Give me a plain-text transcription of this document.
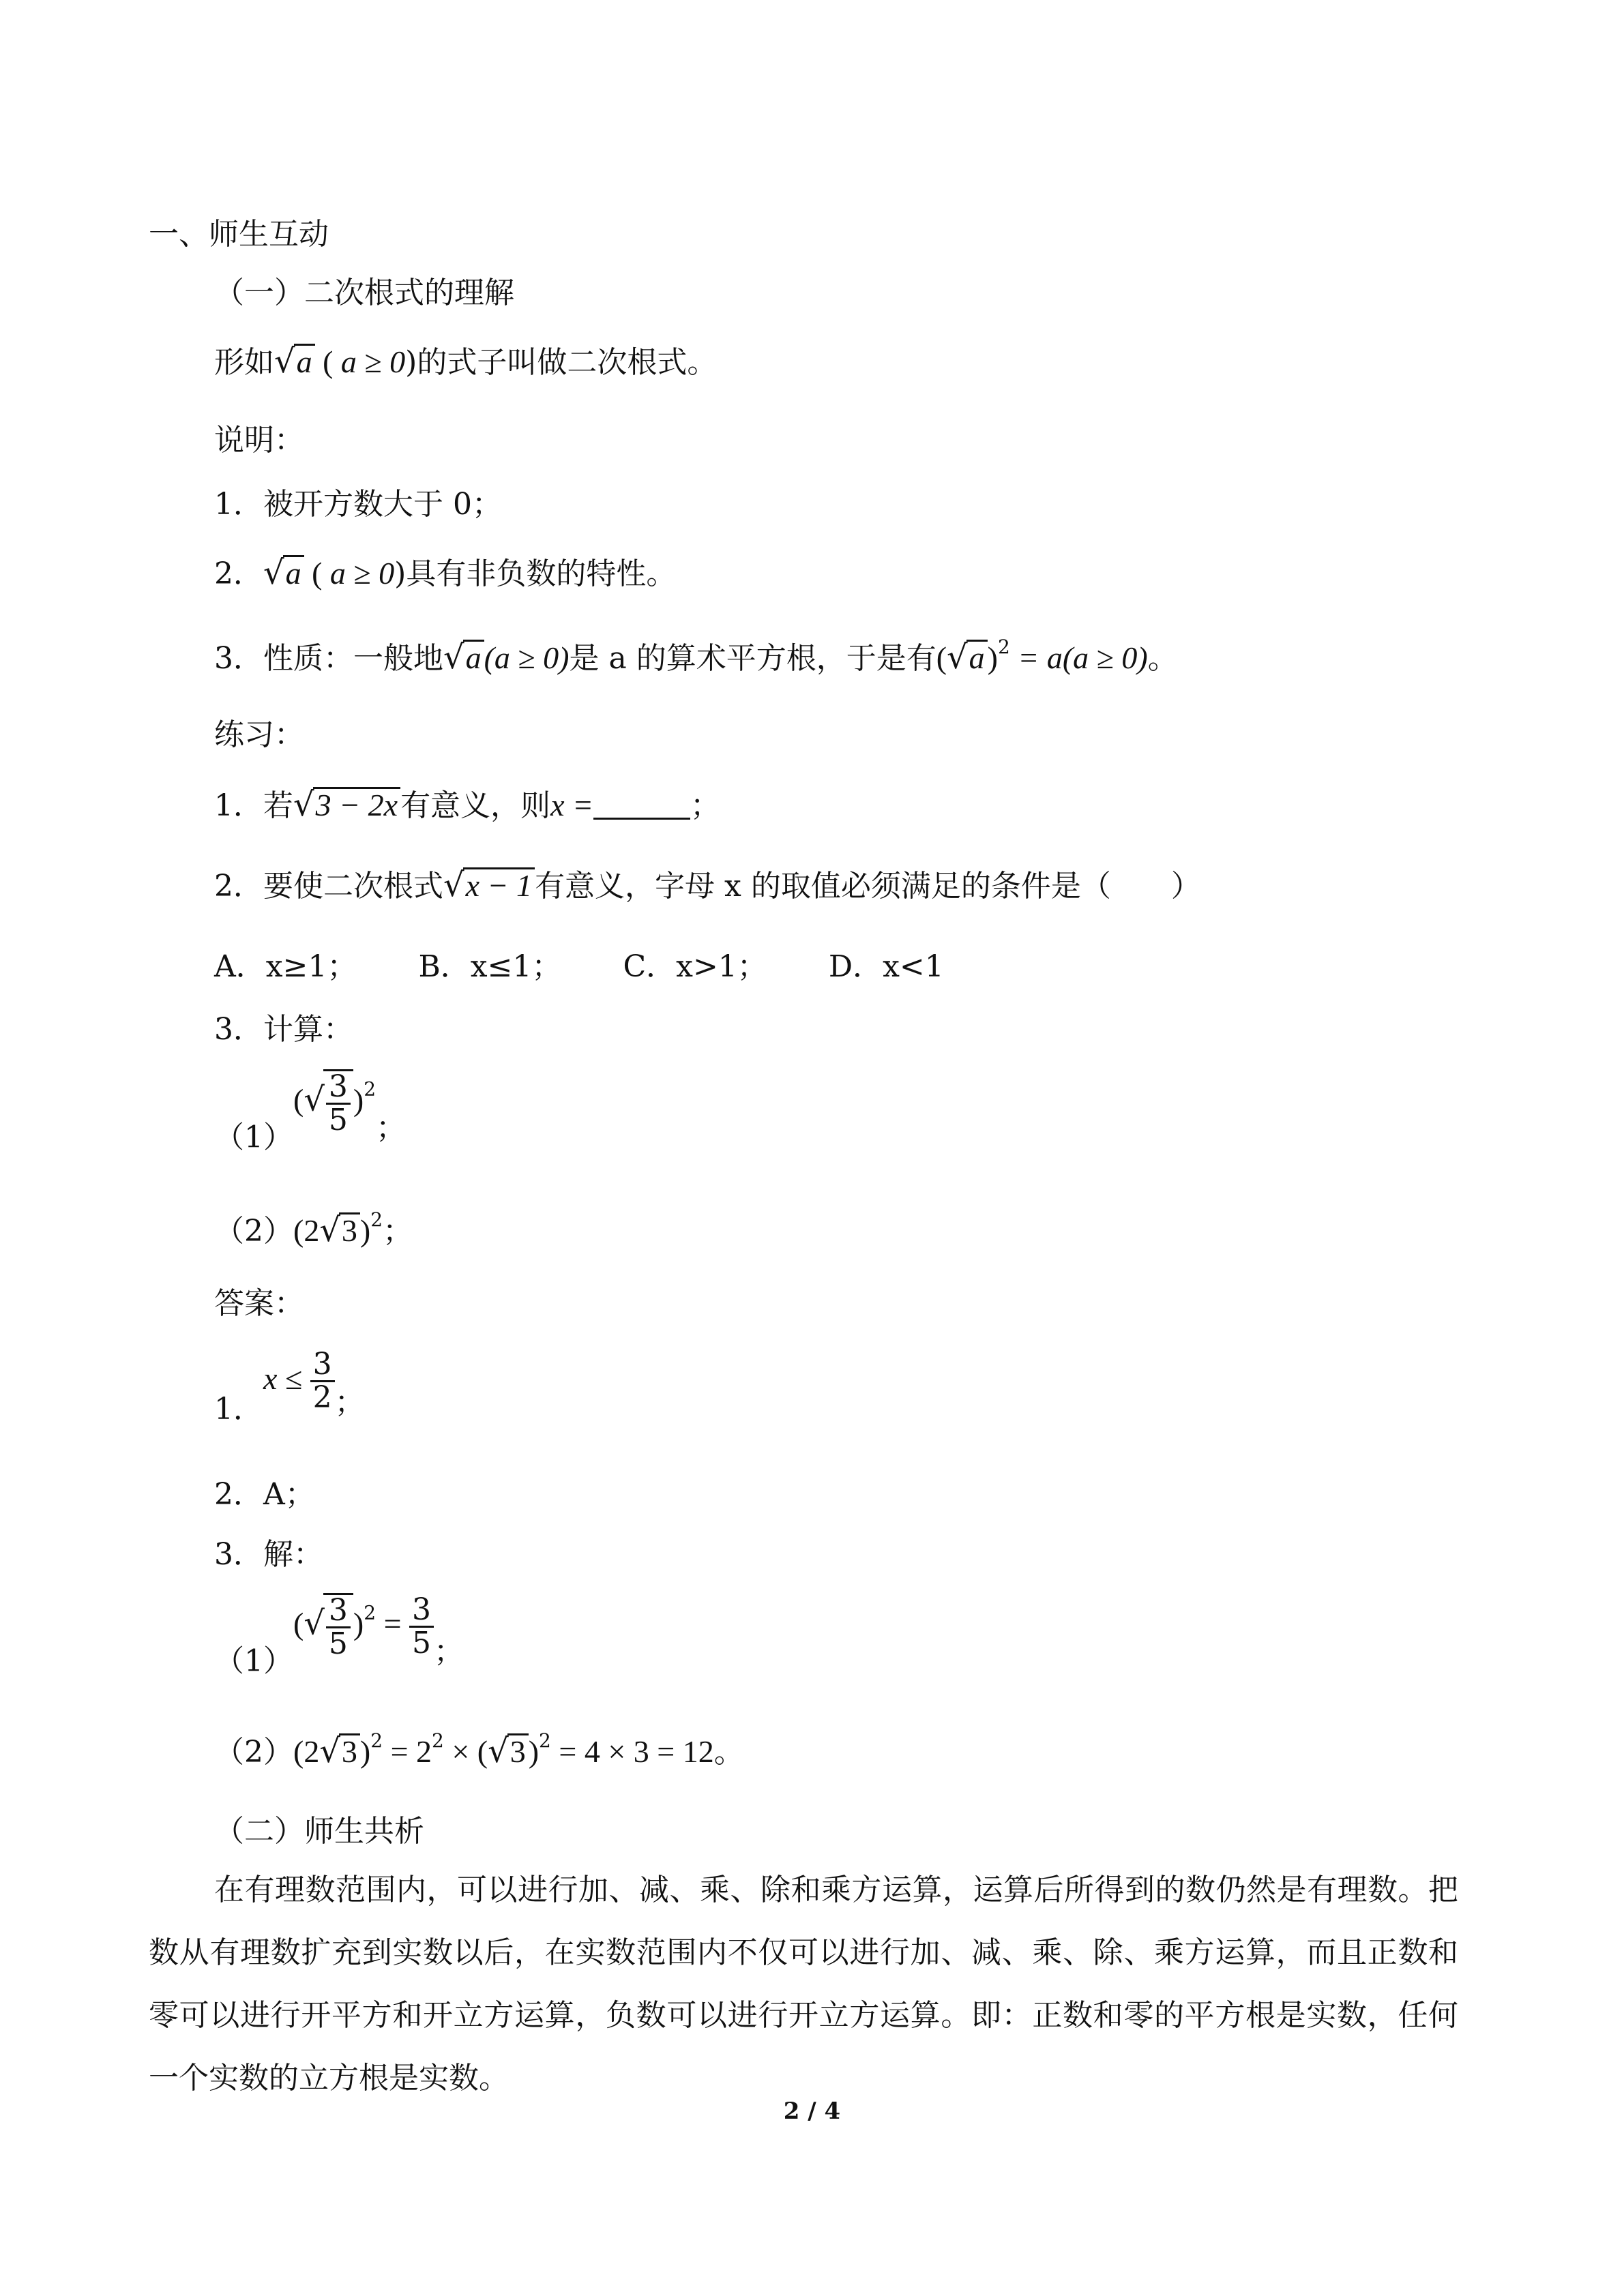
一、师生互动
（一）二次根式的理解
形如√a ( a ≥ 0)的式子叫做二次根式。
说明：
1．被开方数大于 0；
2．√a ( a ≥ 0)具有非负数的特性。
3．性质：一般地√a(a ≥ 0)是 a 的算术平方根，于是有$(√a)^2 = a(a \ge 0)$。
练习：
1．若√3 − 2x有意义，则x =	；
2．要使二次根式√x − 1有意义，字母 x 的取值必须满足的条件是（　　）
A．x≥1； B．x≤1； C．x>1； D．x<1
3．计算：
（1）(√
$\frac{3}{5} )^2$；
$(2)(2√3)^2$；
答案：
1．$x \le \frac{3}{2}$ ；
2．A；
3．解：
（1）(√
$\frac{3}{5} )^2 = \frac{3}{5}$ ；
$(2)(2√3)^2 = 2^2 \times (√3)^2 = 4 \times 3 = 12$。
（二）师生共析
在有理数范围内，可以进行加、减、乘、除和乘方运算，运算后所得到的数仍然是有理数。把数从有理数扩充到实数以后，在实数范围内不仅可以进行加、减、乘、除、乘方运算，而且正数和零可以进行开平方和开立方运算，负数可以进行开立方运算。即：正数和零的平方根是实数，任何一个实数的立方根是实数。
2 / 4
